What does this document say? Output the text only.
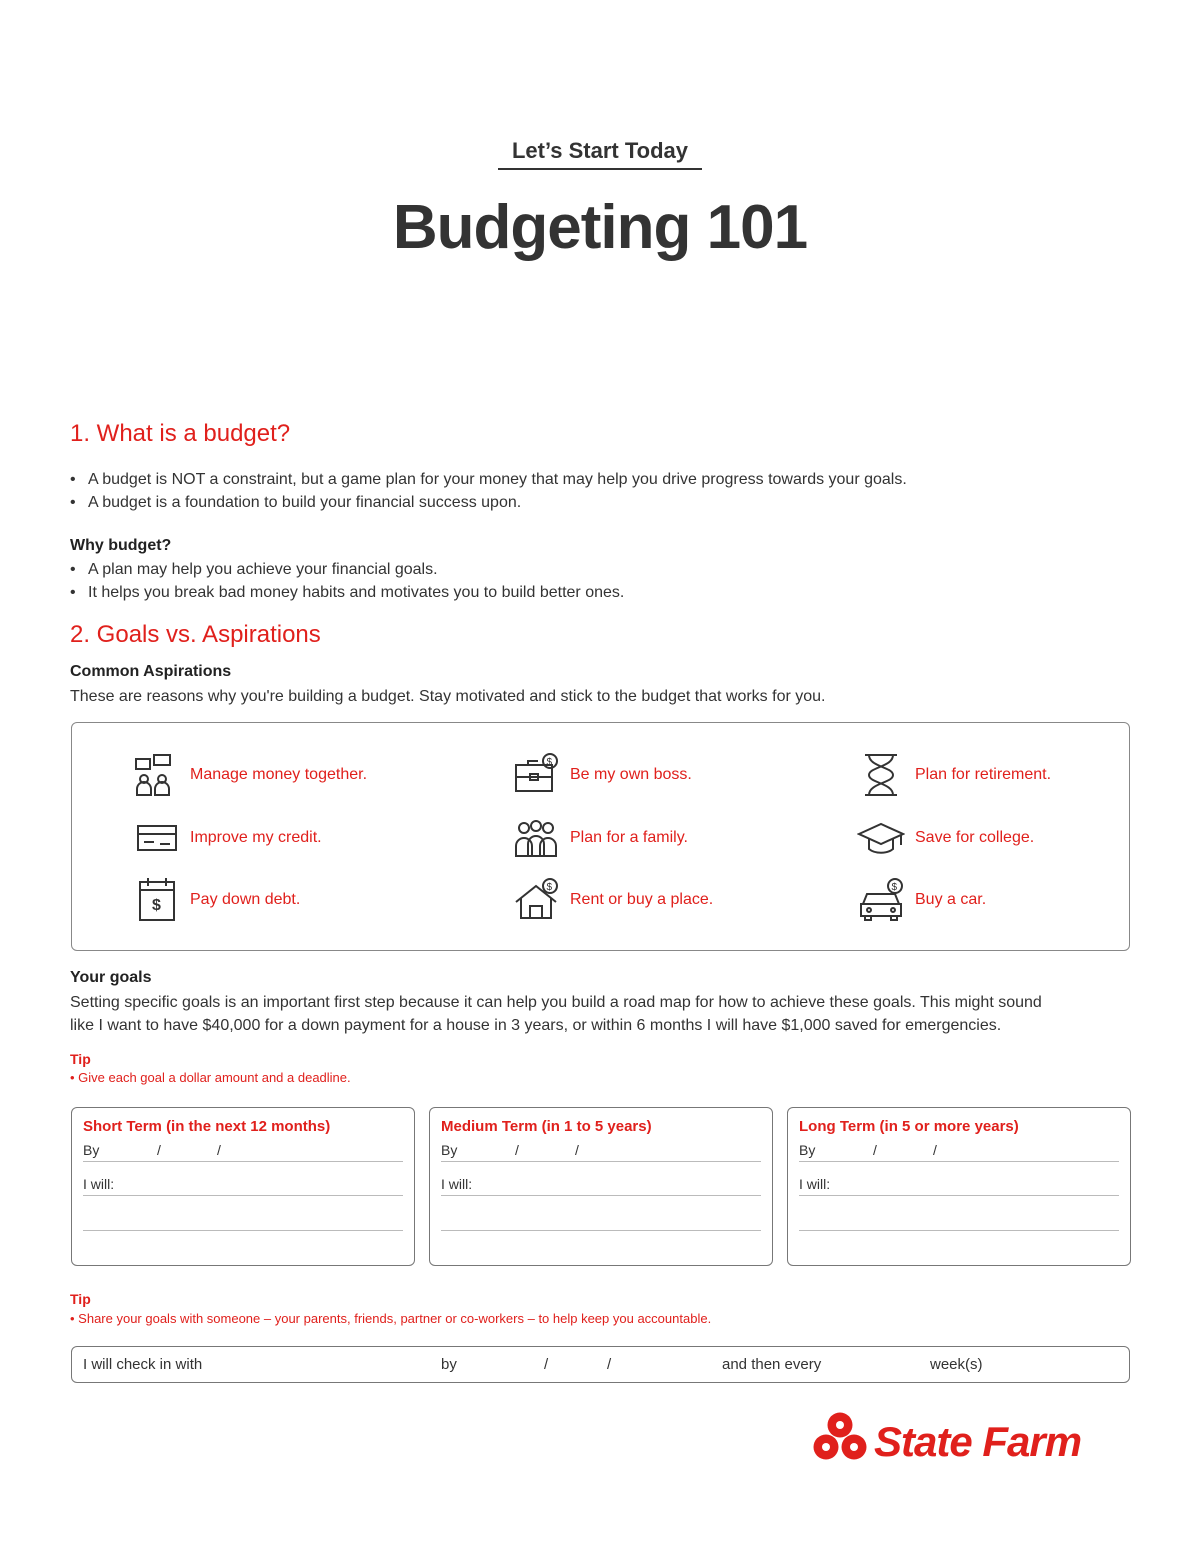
Let’s Start Today
Budgeting 101
1. What is a budget?
• A budget is NOT a constraint, but a game plan for your money that may help you drive progress towards your goals.
• A budget is a foundation to build your financial success upon.
Why budget?
• A plan may help you achieve your financial goals.
• It helps you break bad money habits and motivates you to build better ones.
2. Goals vs. Aspirations
Common Aspirations
These are reasons why you're building a budget. Stay motivated and stick to the budget that works for you.
Manage money together.
$
Be my own boss.	Plan for retirement.
Improve my credit.	Plan for a family.	Save for college.
$ Pay down debt.
$
Rent or buy a place.
$
Buy a car.
Your goals
Setting specific goals is an important first step because it can help you build a road map for how to achieve these goals. This might sound
like I want to have $40,000 for a down payment for a house in 3 years, or within 6 months I will have $1,000 saved for emergencies.
Tip
• Give each goal a dollar amount and a deadline.
Short Term (in the next 12 months)
By	/	/
I will:
Medium Term (in 1 to 5 years)
By	/	/
I will:
Long Term (in 5 or more years)
By	/	/
I will:
Tip
• Share your goals with someone – your parents, friends, partner or co-workers – to help keep you accountable.
I will check in with	by	/	/	and then every	week(s)
State Farm
